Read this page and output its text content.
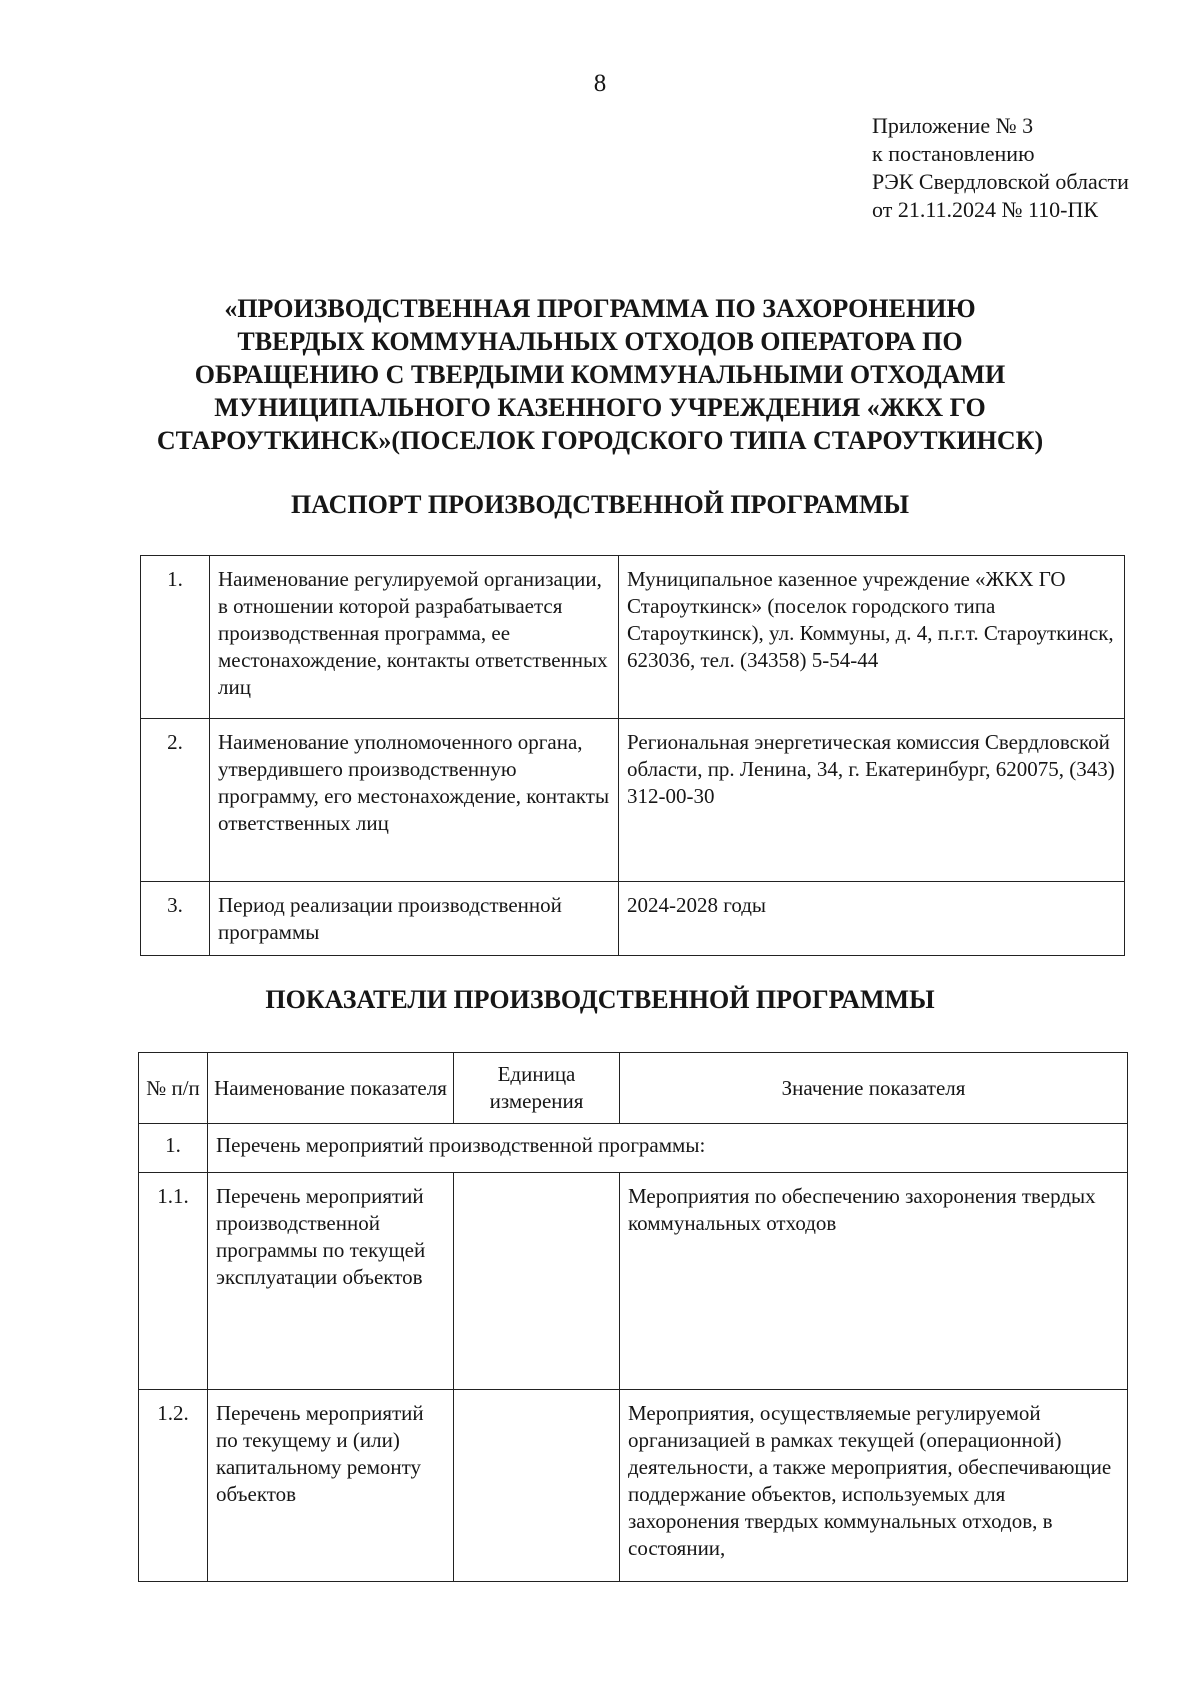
8
Приложение № 3
к постановлению
РЭК Свердловской области
от 21.11.2024 № 110-ПК
«ПРОИЗВОДСТВЕННАЯ ПРОГРАММА ПО ЗАХОРОНЕНИЮ
ТВЕРДЫХ КОММУНАЛЬНЫХ ОТХОДОВ ОПЕРАТОРА ПО
ОБРАЩЕНИЮ С ТВЕРДЫМИ КОММУНАЛЬНЫМИ ОТХОДАМИ
МУНИЦИПАЛЬНОГО КАЗЕННОГО УЧРЕЖДЕНИЯ «ЖКХ ГО
СТАРОУТКИНСК»(ПОСЕЛОК ГОРОДСКОГО ТИПА СТАРОУТКИНСК)
ПАСПОРТ ПРОИЗВОДСТВЕННОЙ ПРОГРАММЫ
1.	Наименование регулируемой организации, в отношении которой разрабатывается производственная программа, ее местонахождение, контакты ответственных лиц	Муниципальное казенное учреждение «ЖКХ ГО Староуткинск» (поселок городского типа Староуткинск), ул. Коммуны, д. 4, п.г.т. Староуткинск, 623036, тел. (34358) 5-54-44
2.	Наименование уполномоченного органа, утвердившего производственную программу, его местонахождение, контакты ответственных лиц	Региональная энергетическая комиссия Свердловской области, пр. Ленина, 34, г. Екатеринбург, 620075, (343) 312-00-30
3.	Период реализации производственной программы	2024-2028 годы
ПОКАЗАТЕЛИ ПРОИЗВОДСТВЕННОЙ ПРОГРАММЫ
№ п/п	Наименование показателя	Единица измерения	Значение показателя
1.	Перечень мероприятий производственной программы:		
1.1.	Перечень мероприятий производственной программы по текущей эксплуатации объектов		Мероприятия по обеспечению захоронения твердых коммунальных отходов
1.2.	Перечень мероприятий по текущему и (или) капитальному ремонту объектов		Мероприятия, осуществляемые регулируемой организацией в рамках текущей (операционной) деятельности, а также мероприятия, обеспечивающие поддержание объектов, используемых для захоронения твердых коммунальных отходов, в состоянии,
